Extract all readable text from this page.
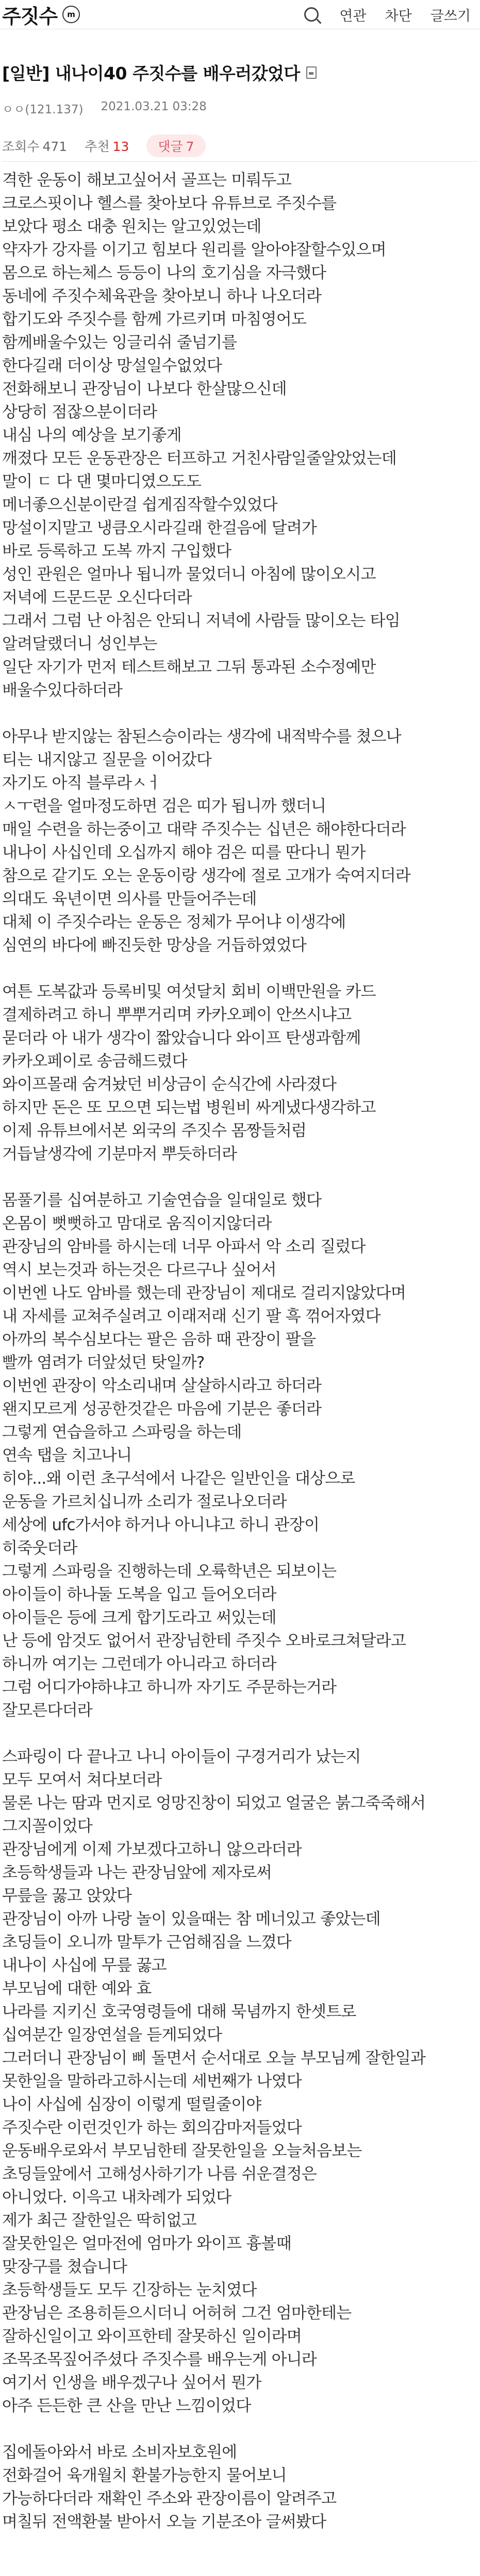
주짓수	m	연관 차단 글쓰기
[일반] 내나이40 주짓수를 배우러갔었다
ㅇㅇ(121.137) 2021.03.21 03:28
조회수 471 추천 13	댓글 7
격한 운동이 해보고싶어서 골프는 미뤄두고
크로스핏이나 헬스를 찾아보다 유튜브로 주짓수를
보았다 평소 대충 원치는 알고있었는데
약자가 강자를 이기고 힘보다 원리를 알아야잘할수있으며
몸으로 하는체스 등등이 나의 호기심을 자극했다
동네에 주짓수체육관을 찾아보니 하나 나오더라
합기도와 주짓수를 함께 가르키며 마침영어도
함께배울수있는 잉글리쉬 줄넘기를
한다길래 더이상 망설일수없었다
전화해보니 관장님이 나보다 한살많으신데
상당히 점잖으분이더라
내심 나의 예상을 보기좋게
깨졌다 모든 운동관장은 터프하고 거친사람일줄알았었는데
말이 ㄷ 다 댄 몇마디였으도도
메너좋으신분이란걸 쉽게짐작할수있었다
망설이지말고 냉큼오시라길래 한걸음에 달려가
바로 등록하고 도복 까지 구입했다
성인 관원은 얼마나 됩니까 물었더니 아침에 많이오시고
저녁에 드문드문 오신다더라
그래서 그럼 난 아침은 안되니 저녁에 사람들 많이오는 타임
알려달랬더니 성인부는
일단 자기가 먼저 테스트해보고 그뒤 통과된 소수정예만
배울수있다하더라
아무나 받지않는 참된스승이라는 생각에 내적박수를 쳤으나
티는 내지않고 질문을 이어갔다
자기도 아직 블루라ㅅㅓ
ㅅㅜ련을 얼마정도하면 검은 띠가 됩니까 했더니
매일 수련을 하는중이고 대략 주짓수는 십년은 해야한다더라
내나이 사십인데 오십까지 해야 검은 띠를 딴다니 뭔가
참으로 같기도 오는 운동이랑 생각에 절로 고개가 숙여지더라
의대도 육년이면 의사를 만들어주는데
대체 이 주짓수라는 운동은 정체가 무어냐 이생각에
심연의 바다에 빠진듯한 망상을 거듭하였었다
여튼 도복값과 등록비및 여섯달치 회비 이백만원을 카드
결제하려고 하니 뿌뿌거리며 카카오페이 안쓰시냐고
묻더라 아 내가 생각이 짧았습니다 와이프 탄생과함께
카카오페이로 송금해드렸다
와이프몰래 숨겨놨던 비상금이 순식간에 사라졌다
하지만 돈은 또 모으면 되는법 병원비 싸게냈다생각하고
이제 유튜브에서본 외국의 주짓수 몸짱들처럼
거듭날생각에 기분마저 뿌듯하더라
몸풀기를 십여분하고 기술연습을 일대일로 했다
온몸이 뻣뻣하고 맘대로 움직이지않더라
관장님의 암바를 하시는데 너무 아파서 악 소리 질렀다
역시 보는것과 하는것은 다르구나 싶어서
이번엔 나도 암바를 했는데 관장님이 제대로 걸리지않았다며
내 자세를 교쳐주실려고 이래저래 신기 팔 흑 꺾어자였다
아까의 복수심보다는 팔은 음하 때 관장이 팔을
빨까 염려가 더앞섰던 탓일까?
이번엔 관장이 악소리내며 살살하시라고 하더라
왠지모르게 성공한것같은 마음에 기분은 좋더라
그렇게 연습을하고 스파링을 하는데
연속 탭을 치고나니
히야...왜 이런 초구석에서 나같은 일반인을 대상으로
운동을 가르치십니까 소리가 절로나오더라
세상에 ufc가서야 하거나 아니냐고 하니 관장이
히죽웃더라
그렇게 스파링을 진행하는데 오륙학년은 되보이는
아이들이 하나둘 도복을 입고 들어오더라
아이들은 등에 크게 합기도라고 써있는데
난 등에 암것도 없어서 관장님한테 주짓수 오바로크쳐달라고
하니까 여기는 그런데가 아니라고 하더라
그럼 어디가야하냐고 하니까 자기도 주문하는거라
잘모른다더라
스파링이 다 끝나고 나니 아이들이 구경거리가 났는지
모두 모여서 쳐다보더라
물론 나는 땀과 먼지로 엉망진창이 되었고 얼굴은 붉그죽죽해서
그지꼴이었다
관장님에게 이제 가보겠다고하니 않으라더라
초등학생들과 나는 관장님앞에 제자로써
무릎을 꿇고 앉았다
관장님이 아까 나랑 놀이 있을때는 참 메너있고 좋았는데
초딩들이 오니까 말투가 근엄해짐을 느꼈다
내나이 사십에 무릎 꿇고
부모님에 대한 예와 효
나라를 지키신 호국영령들에 대해 묵념까지 한셋트로
십여분간 일장연설을 듣게되었다
그러더니 관장님이 삐 돌면서 순서대로 오늘 부모님께 잘한일과
못한일을 말하라고하시는데 세번째가 나였다
나이 사십에 심장이 이렇게 떨릴줄이야
주짓수란 이런것인가 하는 회의감마저들었다
운동배우로와서 부모님한테 잘못한일을 오늘처음보는
초딩들앞에서 고해성사하기가 나름 쉬운결정은
아니었다. 이윽고 내차례가 되었다
제가 최근 잘한일은 딱히없고
잘못한일은 얼마전에 엄마가 와이프 흉볼때
맞장구를 쳤습니다
초등학생들도 모두 긴장하는 눈치였다
관장님은 조용히듣으시더니 어허허 그건 엄마한테는
잘하신일이고 와이프한테 잘못하신 일이라며
조목조목짚어주셨다 주짓수를 배우는게 아니라
여기서 인생을 배우겠구나 싶어서 뭔가
아주 든든한 큰 산을 만난 느낌이었다
집에돌아와서 바로 소비자보호원에
전화걸어 육개월치 환불가능한지 물어보니
가능하다더라 재확인 주소와 관장이름이 알려주고
며칠뒤 전액환불 받아서 오늘 기분조아 글써봤다
